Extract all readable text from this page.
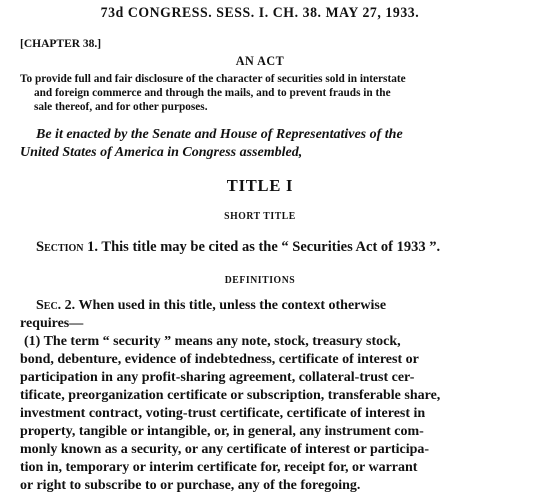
73d CONGRESS. SESS. I. CH. 38. MAY 27, 1933.
[CHAPTER 38.]
AN ACT
To provide full and fair disclosure of the character of securities sold in interstate
and foreign commerce and through the mails, and to prevent frauds in the
sale thereof, and for other purposes.
Be it enacted by the Senate and House of Representatives of the
United States of America in Congress assembled,
TITLE I
SHORT TITLE
Section 1. This title may be cited as the “ Securities Act of 1933 ”.
DEFINITIONS
Sec. 2. When used in this title, unless the context otherwise
requires—
(1) The term “ security ” means any note, stock, treasury stock,
bond, debenture, evidence of indebtedness, certificate of interest or
participation in any profit-sharing agreement, collateral-trust cer-
tificate, preorganization certificate or subscription, transferable share,
investment contract, voting-trust certificate, certificate of interest in
property, tangible or intangible, or, in general, any instrument com-
monly known as a security, or any certificate of interest or participa-
tion in, temporary or interim certificate for, receipt for, or warrant
or right to subscribe to or purchase, any of the foregoing.
